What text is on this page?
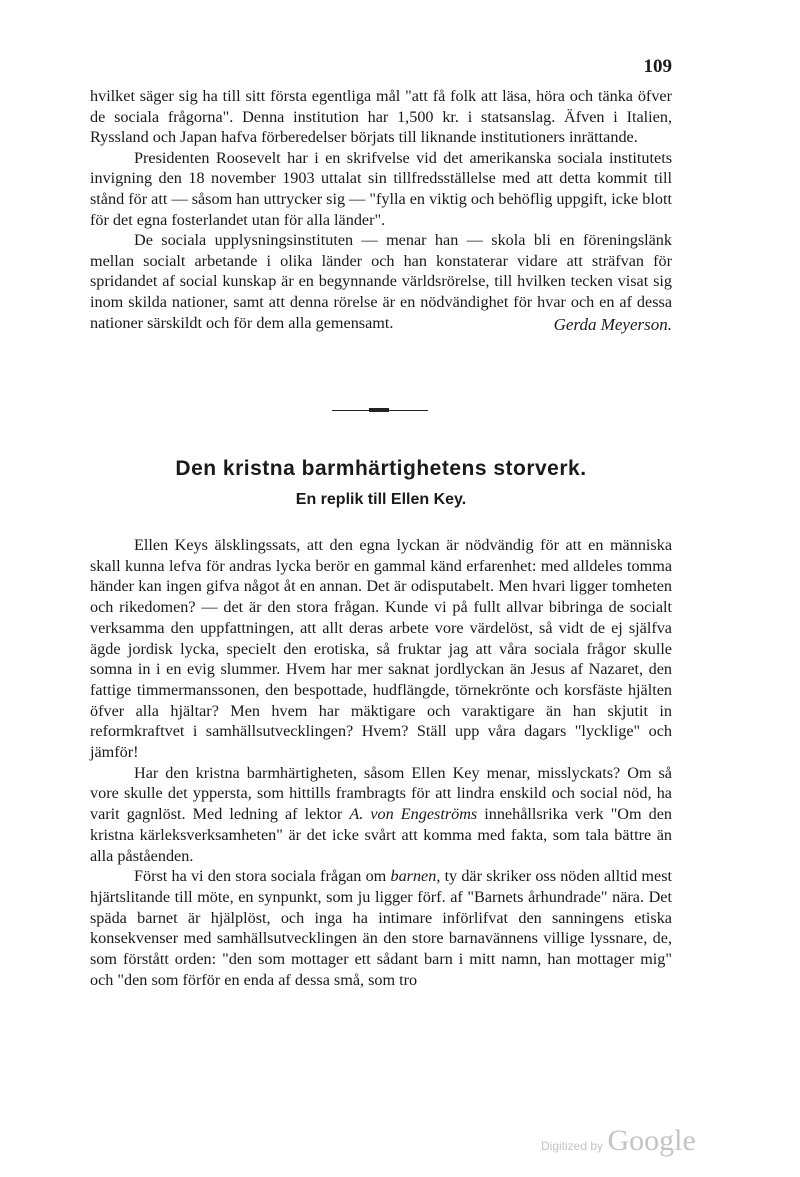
109

hvilket säger sig ha till sitt första egentliga mål "att få folk att läsa, höra och tänka öfver de sociala frågorna". Denna institution har 1,500 kr. i statsanslag. Äfven i Italien, Ryssland och Japan hafva förberedelser börjats till liknande institutioners inrättande.

Presidenten Roosevelt har i en skrifvelse vid det amerikanska sociala institutets invigning den 18 november 1903 uttalat sin tillfredsställelse med att detta kommit till stånd för att — såsom han uttrycker sig — "fylla en viktig och behöflig uppgift, icke blott för det egna fosterlandet utan för alla länder".

De sociala upplysningsinstituten — menar han — skola bli en föreningslänk mellan socialt arbetande i olika länder och han konstaterar vidare att sträfvan för spridandet af social kunskap är en begynnande världsrörelse, till hvilken tecken visat sig inom skilda nationer, samt att denna rörelse är en nödvändighet för hvar och en af dessa nationer särskildt och för dem alla gemensamt.	Gerda Meyerson.
Den kristna barmhärtighetens storverk.
En replik till Ellen Key.

Ellen Keys älsklingssats, att den egna lyckan är nödvändig för att en människa skall kunna lefva för andras lycka berör en gammal känd erfarenhet: med alldeles tomma händer kan ingen gifva något åt en annan. Det är odisputabelt. Men hvari ligger tomheten och rikedomen? — det är den stora frågan. Kunde vi på fullt allvar bibringa de socialt verksamma den uppfattningen, att allt deras arbete vore värdelöst, så vidt de ej själfva ägde jordisk lycka, specielt den erotiska, så fruktar jag att våra sociala frågor skulle somna in i en evig slummer. Hvem har mer saknat jordlyckan än Jesus af Nazaret, den fattige timmermanssonen, den bespottade, hudflängde, törnekrönte och korsfäste hjälten öfver alla hjältar? Men hvem har mäktigare och varaktigare än han skjutit in reformkraftvet i samhällsutvecklingen? Hvem? Ställ upp våra dagars "lycklige" och jämför!

Har den kristna barmhärtigheten, såsom Ellen Key menar, misslyckats? Om så vore skulle det yppersta, som hittills frambragts för att lindra enskild och social nöd, ha varit gagnlöst. Med ledning af lektor A. von Engeströms innehållsrika verk "Om den kristna kärleksverksamheten" är det icke svårt att komma med fakta, som tala bättre än alla påståenden.

Först ha vi den stora sociala frågan om barnen, ty där skriker oss nöden alltid mest hjärtslitande till möte, en synpunkt, som ju ligger förf. af "Barnets århundrade" nära. Det späda barnet är hjälplöst, och inga ha intimare införlifvat den sanningens etiska konsekvenser med samhällsutvecklingen än den store barnavännens villige lyssnare, de, som förstått orden: "den som mottager ett sådant barn i mitt namn, han mottager mig" och "den som förför en enda af dessa små, som tro

Digitized by Google
